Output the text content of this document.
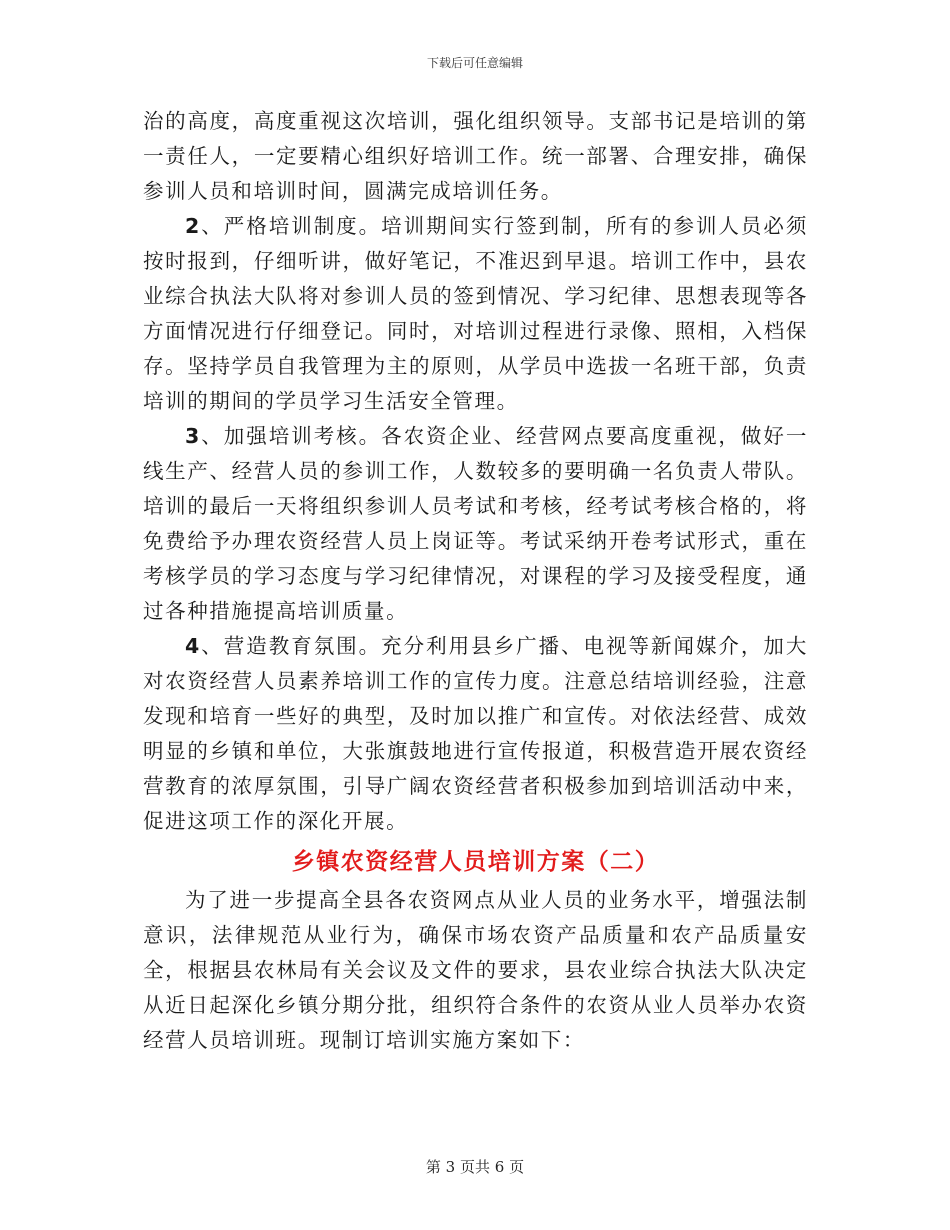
下载后可任意编辑

治的高度，高度重视这次培训，强化组织领导。支部书记是培训的第一责任人，一定要精心组织好培训工作。统一部署、合理安排，确保参训人员和培训时间，圆满完成培训任务。

2、严格培训制度。培训期间实行签到制，所有的参训人员必须按时报到，仔细听讲，做好笔记，不准迟到早退。培训工作中，县农业综合执法大队将对参训人员的签到情况、学习纪律、思想表现等各方面情况进行仔细登记。同时，对培训过程进行录像、照相，入档保存。坚持学员自我管理为主的原则，从学员中选拔一名班干部，负责培训的期间的学员学习生活安全管理。

3、加强培训考核。各农资企业、经营网点要高度重视，做好一线生产、经营人员的参训工作，人数较多的要明确一名负责人带队。培训的最后一天将组织参训人员考试和考核，经考试考核合格的，将免费给予办理农资经营人员上岗证等。考试采纳开卷考试形式，重在考核学员的学习态度与学习纪律情况，对课程的学习及接受程度，通过各种措施提高培训质量。

4、营造教育氛围。充分利用县乡广播、电视等新闻媒介，加大对农资经营人员素养培训工作的宣传力度。注意总结培训经验，注意发现和培育一些好的典型，及时加以推广和宣传。对依法经营、成效明显的乡镇和单位，大张旗鼓地进行宣传报道，积极营造开展农资经营教育的浓厚氛围，引导广阔农资经营者积极参加到培训活动中来，促进这项工作的深化开展。

乡镇农资经营人员培训方案（二）

为了进一步提高全县各农资网点从业人员的业务水平，增强法制意识，法律规范从业行为，确保市场农资产品质量和农产品质量安全，根据县农林局有关会议及文件的要求，县农业综合执法大队决定从近日起深化乡镇分期分批，组织符合条件的农资从业人员举办农资经营人员培训班。现制订培训实施方案如下：

第 3 页共 6 页
